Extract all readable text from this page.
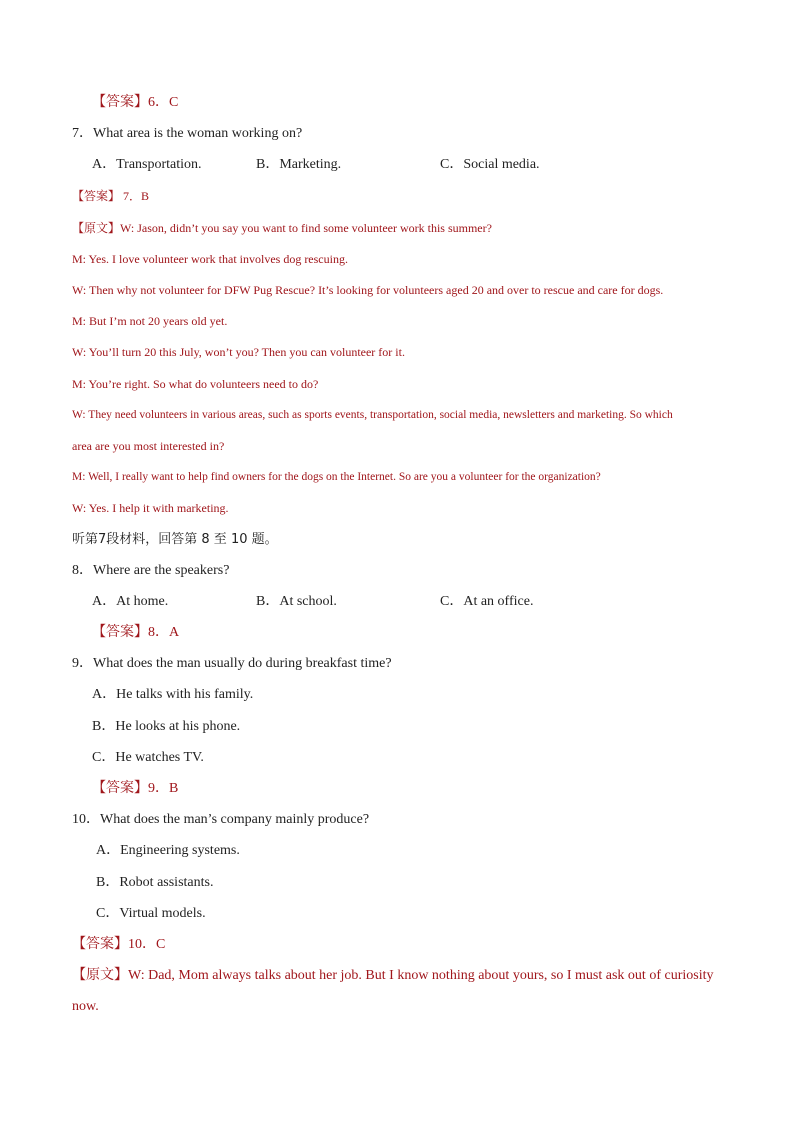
【答案】6．C
7．What area is the woman working on?
A．Transportation.	B．Marketing.	C．Social media.
【答案】 7．B
【原文】W: Jason, didn’t you say you want to find some volunteer work this summer?
M: Yes. I love volunteer work that involves dog rescuing.
W: Then why not volunteer for DFW Pug Rescue? It’s looking for volunteers aged 20 and over to rescue and care for dogs.
M: But I’m not 20 years old yet.
W: You’ll turn 20 this July, won’t you? Then you can volunteer for it.
M: You’re right. So what do volunteers need to do?
W: They need volunteers in various areas, such as sports events, transportation, social media, newsletters and marketing. So which
area are you most interested in?
M: Well, I really want to help find owners for the dogs on the Internet. So are you a volunteer for the organization?
W: Yes. I help it with marketing.
听第7段材料，回答第 8 至 10 题。
8．Where are the speakers?
A．At home.	B．At school.	C．At an office.
【答案】8．A
9．What does the man usually do during breakfast time?
A．He talks with his family.
B．He looks at his phone.
C．He watches TV.
【答案】9．B
10．What does the man’s company mainly produce?
A．Engineering systems.
B．Robot assistants.
C．Virtual models.
【答案】10．C
【原文】W: Dad, Mom always talks about her job. But I know nothing about yours, so I must ask out of curiosity
now.
